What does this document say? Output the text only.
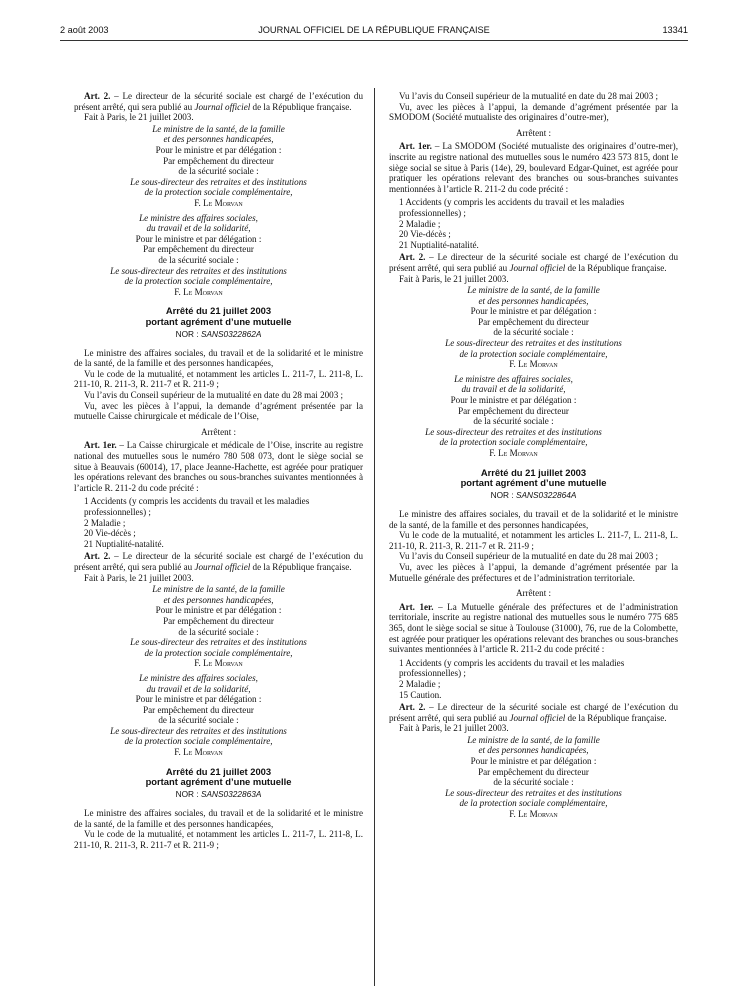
2 août 2003	JOURNAL OFFICIEL DE LA RÉPUBLIQUE FRANÇAISE	13341

Art. 2. – Le directeur de la sécurité sociale est chargé de l’exécution du présent arrêté, qui sera publié au Journal officiel de la République française.

Fait à Paris, le 21 juillet 2003.

Le ministre de la santé, de la famille
et des personnes handicapées,
Pour le ministre et par délégation :
Par empêchement du directeur
de la sécurité sociale :
Le sous-directeur des retraites et des institutions
de la protection sociale complémentaire,
F. Le Morvan
Le ministre des affaires sociales,
du travail et de la solidarité,
Pour le ministre et par délégation :
Par empêchement du directeur
de la sécurité sociale :
Le sous-directeur des retraites et des institutions
de la protection sociale complémentaire,
F. Le Morvan
Arrêté du 21 juillet 2003
portant agrément d’une mutuelle
NOR : SANS0322862A

Le ministre des affaires sociales, du travail et de la solidarité et le ministre de la santé, de la famille et des personnes handicapées,

Vu le code de la mutualité, et notamment les articles L. 211-7, L. 211-8, L. 211-10, R. 211-3, R. 211-7 et R. 211-9 ;

Vu l’avis du Conseil supérieur de la mutualité en date du 28 mai 2003 ;

Vu, avec les pièces à l’appui, la demande d’agrément présentée par la mutuelle Caisse chirurgicale et médicale de l’Oise,

Arrêtent :

Art. 1er. – La Caisse chirurgicale et médicale de l’Oise, inscrite au registre national des mutuelles sous le numéro 780 508 073, dont le siège social se situe à Beauvais (60014), 17, place Jeanne-Hachette, est agréée pour pratiquer les opérations relevant des branches ou sous-branches suivantes mentionnées à l’article R. 211-2 du code précité :

1 Accidents (y compris les accidents du travail et les maladies professionnelles) ;

2 Maladie ;

20 Vie-décès ;

21 Nuptialité-natalité.

Art. 2. – Le directeur de la sécurité sociale est chargé de l’exécution du présent arrêté, qui sera publié au Journal officiel de la République française.

Fait à Paris, le 21 juillet 2003.

Le ministre de la santé, de la famille
et des personnes handicapées,
Pour le ministre et par délégation :
Par empêchement du directeur
de la sécurité sociale :
Le sous-directeur des retraites et des institutions
de la protection sociale complémentaire,
F. Le Morvan
Le ministre des affaires sociales,
du travail et de la solidarité,
Pour le ministre et par délégation :
Par empêchement du directeur
de la sécurité sociale :
Le sous-directeur des retraites et des institutions
de la protection sociale complémentaire,
F. Le Morvan
Arrêté du 21 juillet 2003
portant agrément d’une mutuelle
NOR : SANS0322863A

Le ministre des affaires sociales, du travail et de la solidarité et le ministre de la santé, de la famille et des personnes handicapées,

Vu le code de la mutualité, et notamment les articles L. 211-7, L. 211-8, L. 211-10, R. 211-3, R. 211-7 et R. 211-9 ;

Vu l’avis du Conseil supérieur de la mutualité en date du 28 mai 2003 ;

Vu, avec les pièces à l’appui, la demande d’agrément présentée par la SMODOM (Société mutualiste des originaires d’outre-mer),

Arrêtent :

Art. 1er. – La SMODOM (Société mutualiste des originaires d’outre-mer), inscrite au registre national des mutuelles sous le numéro 423 573 815, dont le siège social se situe à Paris (14e), 29, boulevard Edgar-Quinet, est agréée pour pratiquer les opérations relevant des branches ou sous-branches suivantes mentionnées à l’article R. 211-2 du code précité :

1 Accidents (y compris les accidents du travail et les maladies professionnelles) ;

2 Maladie ;

20 Vie-décès ;

21 Nuptialité-natalité.

Art. 2. – Le directeur de la sécurité sociale est chargé de l’exécution du présent arrêté, qui sera publié au Journal officiel de la République française.

Fait à Paris, le 21 juillet 2003.

Le ministre de la santé, de la famille
et des personnes handicapées,
Pour le ministre et par délégation :
Par empêchement du directeur
de la sécurité sociale :
Le sous-directeur des retraites et des institutions
de la protection sociale complémentaire,
F. Le Morvan
Le ministre des affaires sociales,
du travail et de la solidarité,
Pour le ministre et par délégation :
Par empêchement du directeur
de la sécurité sociale :
Le sous-directeur des retraites et des institutions
de la protection sociale complémentaire,
F. Le Morvan
Arrêté du 21 juillet 2003
portant agrément d’une mutuelle
NOR : SANS0322864A

Le ministre des affaires sociales, du travail et de la solidarité et le ministre de la santé, de la famille et des personnes handicapées,

Vu le code de la mutualité, et notamment les articles L. 211-7, L. 211-8, L. 211-10, R. 211-3, R. 211-7 et R. 211-9 ;

Vu l’avis du Conseil supérieur de la mutualité en date du 28 mai 2003 ;

Vu, avec les pièces à l’appui, la demande d’agrément présentée par la Mutuelle générale des préfectures et de l’administration territoriale.

Arrêtent :

Art. 1er. – La Mutuelle générale des préfectures et de l’administration territoriale, inscrite au registre national des mutuelles sous le numéro 775 685 365, dont le siège social se situe à Toulouse (31000), 76, rue de la Colombette, est agréée pour pratiquer les opérations relevant des branches ou sous-branches suivantes mentionnées à l’article R. 211-2 du code précité :

1 Accidents (y compris les accidents du travail et les maladies professionnelles) ;

2 Maladie ;

15 Caution.

Art. 2. – Le directeur de la sécurité sociale est chargé de l’exécution du présent arrêté, qui sera publié au Journal officiel de la République française.

Fait à Paris, le 21 juillet 2003.

Le ministre de la santé, de la famille
et des personnes handicapées,
Pour le ministre et par délégation :
Par empêchement du directeur
de la sécurité sociale :
Le sous-directeur des retraites et des institutions
de la protection sociale complémentaire,
F. Le Morvan
